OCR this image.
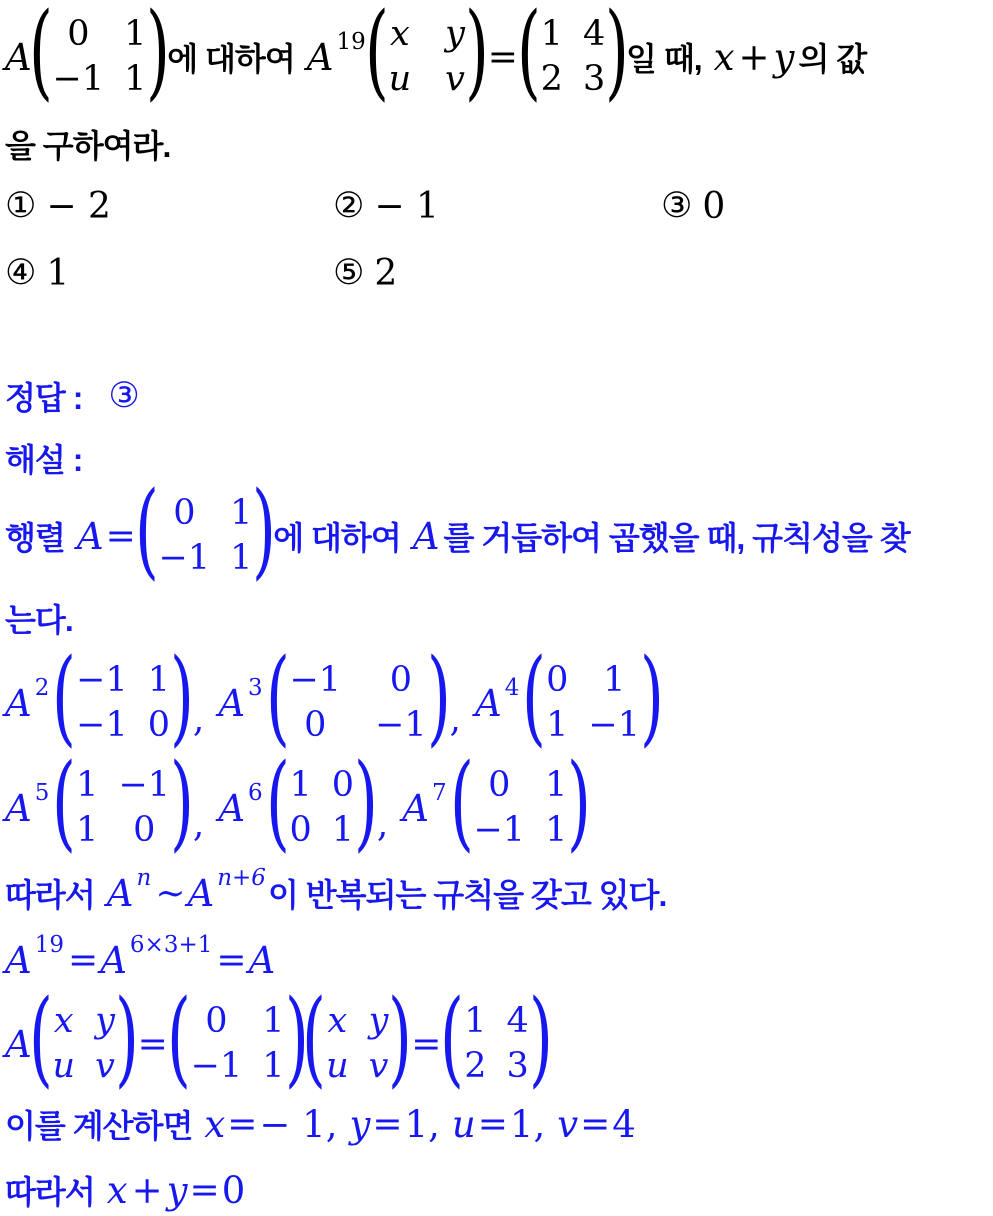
A
( 0 1
−1 1 )
에 대하여 A 19
( x y
u v )
=
( 1 4
2 3 )
일 때, x + y 의 값
을 구하여라.
① − 2	② − 1	③ 0
④ 1	⑤ 2
정답 : ③
해설 :
행렬 A =
( 0 1
−1 1 )
에 대하여 A 를 거듭하여 곱했을 때, 규칙성을 찾
는다.
A 2 ( −1 1
−1 0 )
, A 3 ( −1	0
0	−1 )
, A 4 ( 0 1
1 −1 )
A 5 ( 1 −1
1 0 )
, A 6 ( 1 0
0 1 )
, A 7 ( 0 1
−1 1 )
따라서 A n ∼ A n+6 이 반복되는 규칙을 갖고 있다.
A 19 = A 6×3+1 = A
A
( x y
u v )
=
( 0 1
−1 1 )
( x y
u v )
=
( 1 4
2 3 )
이를 계산하면 x = − 1 , y = 1 , u = 1 , v = 4
따라서 x + y = 0
